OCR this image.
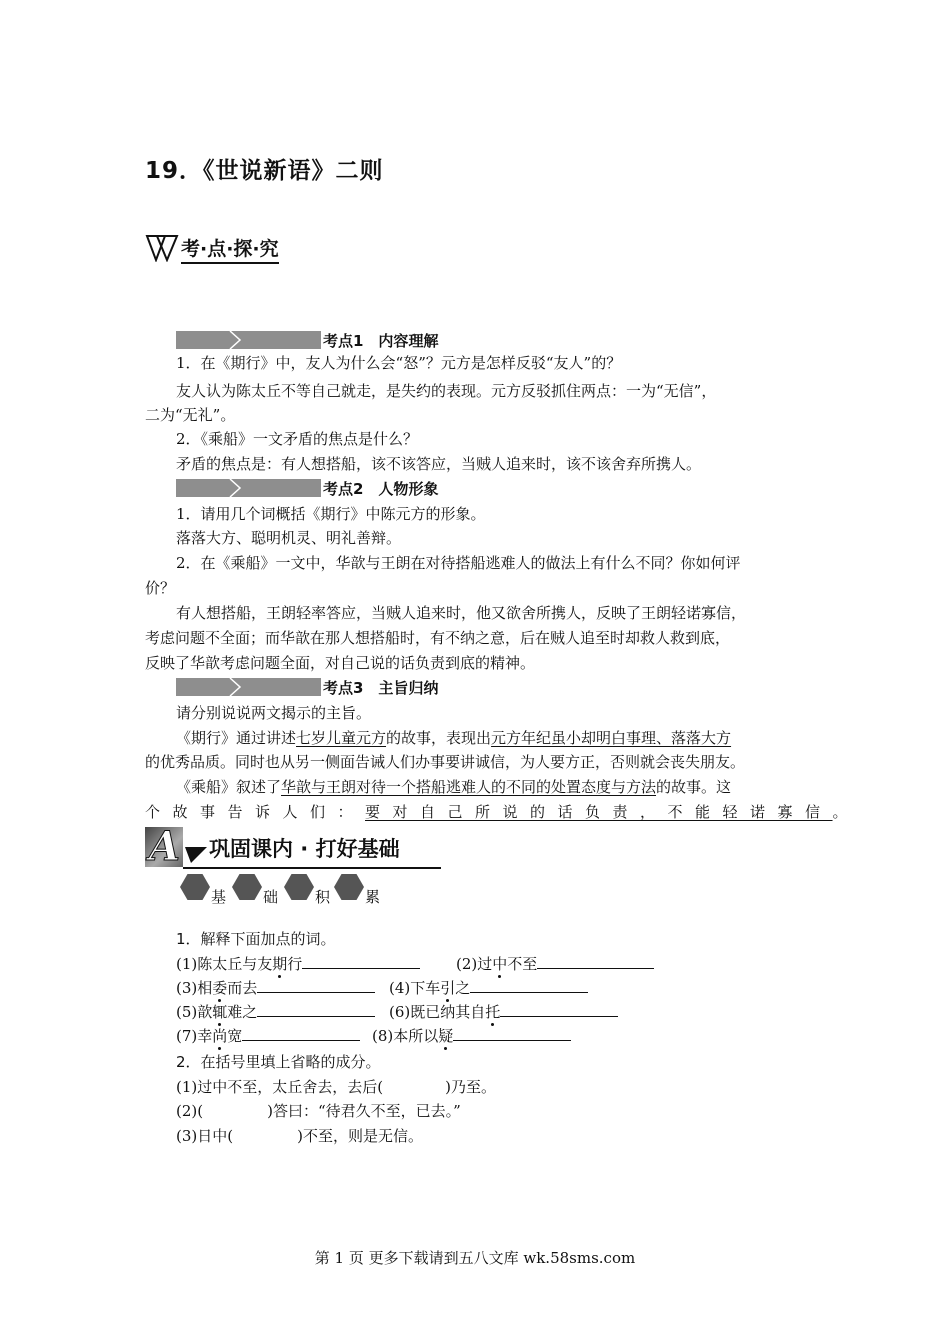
19．《世说新语》二则
考·点·探·究
考点1　内容理解
1．在《期行》中，友人为什么会“怒”？元方是怎样反驳“友人”的？
友人认为陈太丘不等自己就走，是失约的表现。元方反驳抓住两点：一为“无信”，
二为“无礼”。
2．《乘船》一文矛盾的焦点是什么？
矛盾的焦点是：有人想搭船，该不该答应，当贼人追来时，该不该舍弃所携人。
考点2　人物形象
1．请用几个词概括《期行》中陈元方的形象。
落落大方、聪明机灵、明礼善辩。
2．在《乘船》一文中，华歆与王朗在对待搭船逃难人的做法上有什么不同？你如何评
价？
有人想搭船，王朗轻率答应，当贼人追来时，他又欲舍所携人，反映了王朗轻诺寡信，
考虑问题不全面；而华歆在那人想搭船时，有不纳之意，后在贼人追至时却救人救到底，
反映了华歆考虑问题全面，对自己说的话负责到底的精神。
考点3　主旨归纳
请分别说说两文揭示的主旨。
《期行》通过讲述七岁儿童元方的故事，表现出元方年纪虽小却明白事理、落落大方
的优秀品质。同时也从另一侧面告诫人们办事要讲诚信，为人要方正，否则就会丧失朋友。
《乘船》叙述了华歆与王朗对待一个搭船逃难人的不同的处置态度与方法的故事。这
个故事告诉人们：要对自己所说的话负责，不能轻诺寡信。
A 巩固课内 · 打好基础
基 础 积 累
1．解释下面加点的词。
(1)陈太丘与友期行	(2)过中不至
(3)相委而去	(4)下车引之
(5)歆辄难之	(6)既已纳其自托
(7)幸尚宽	(8)本所以疑
2．在括号里填上省略的成分。
(1)过中不至，太丘舍去，去后(	)乃至。
(2)(	)答曰：“待君久不至，已去。”
(3)日中(	)不至，则是无信。
第 1 页 更多下载请到五八文库 wk.58sms.com
